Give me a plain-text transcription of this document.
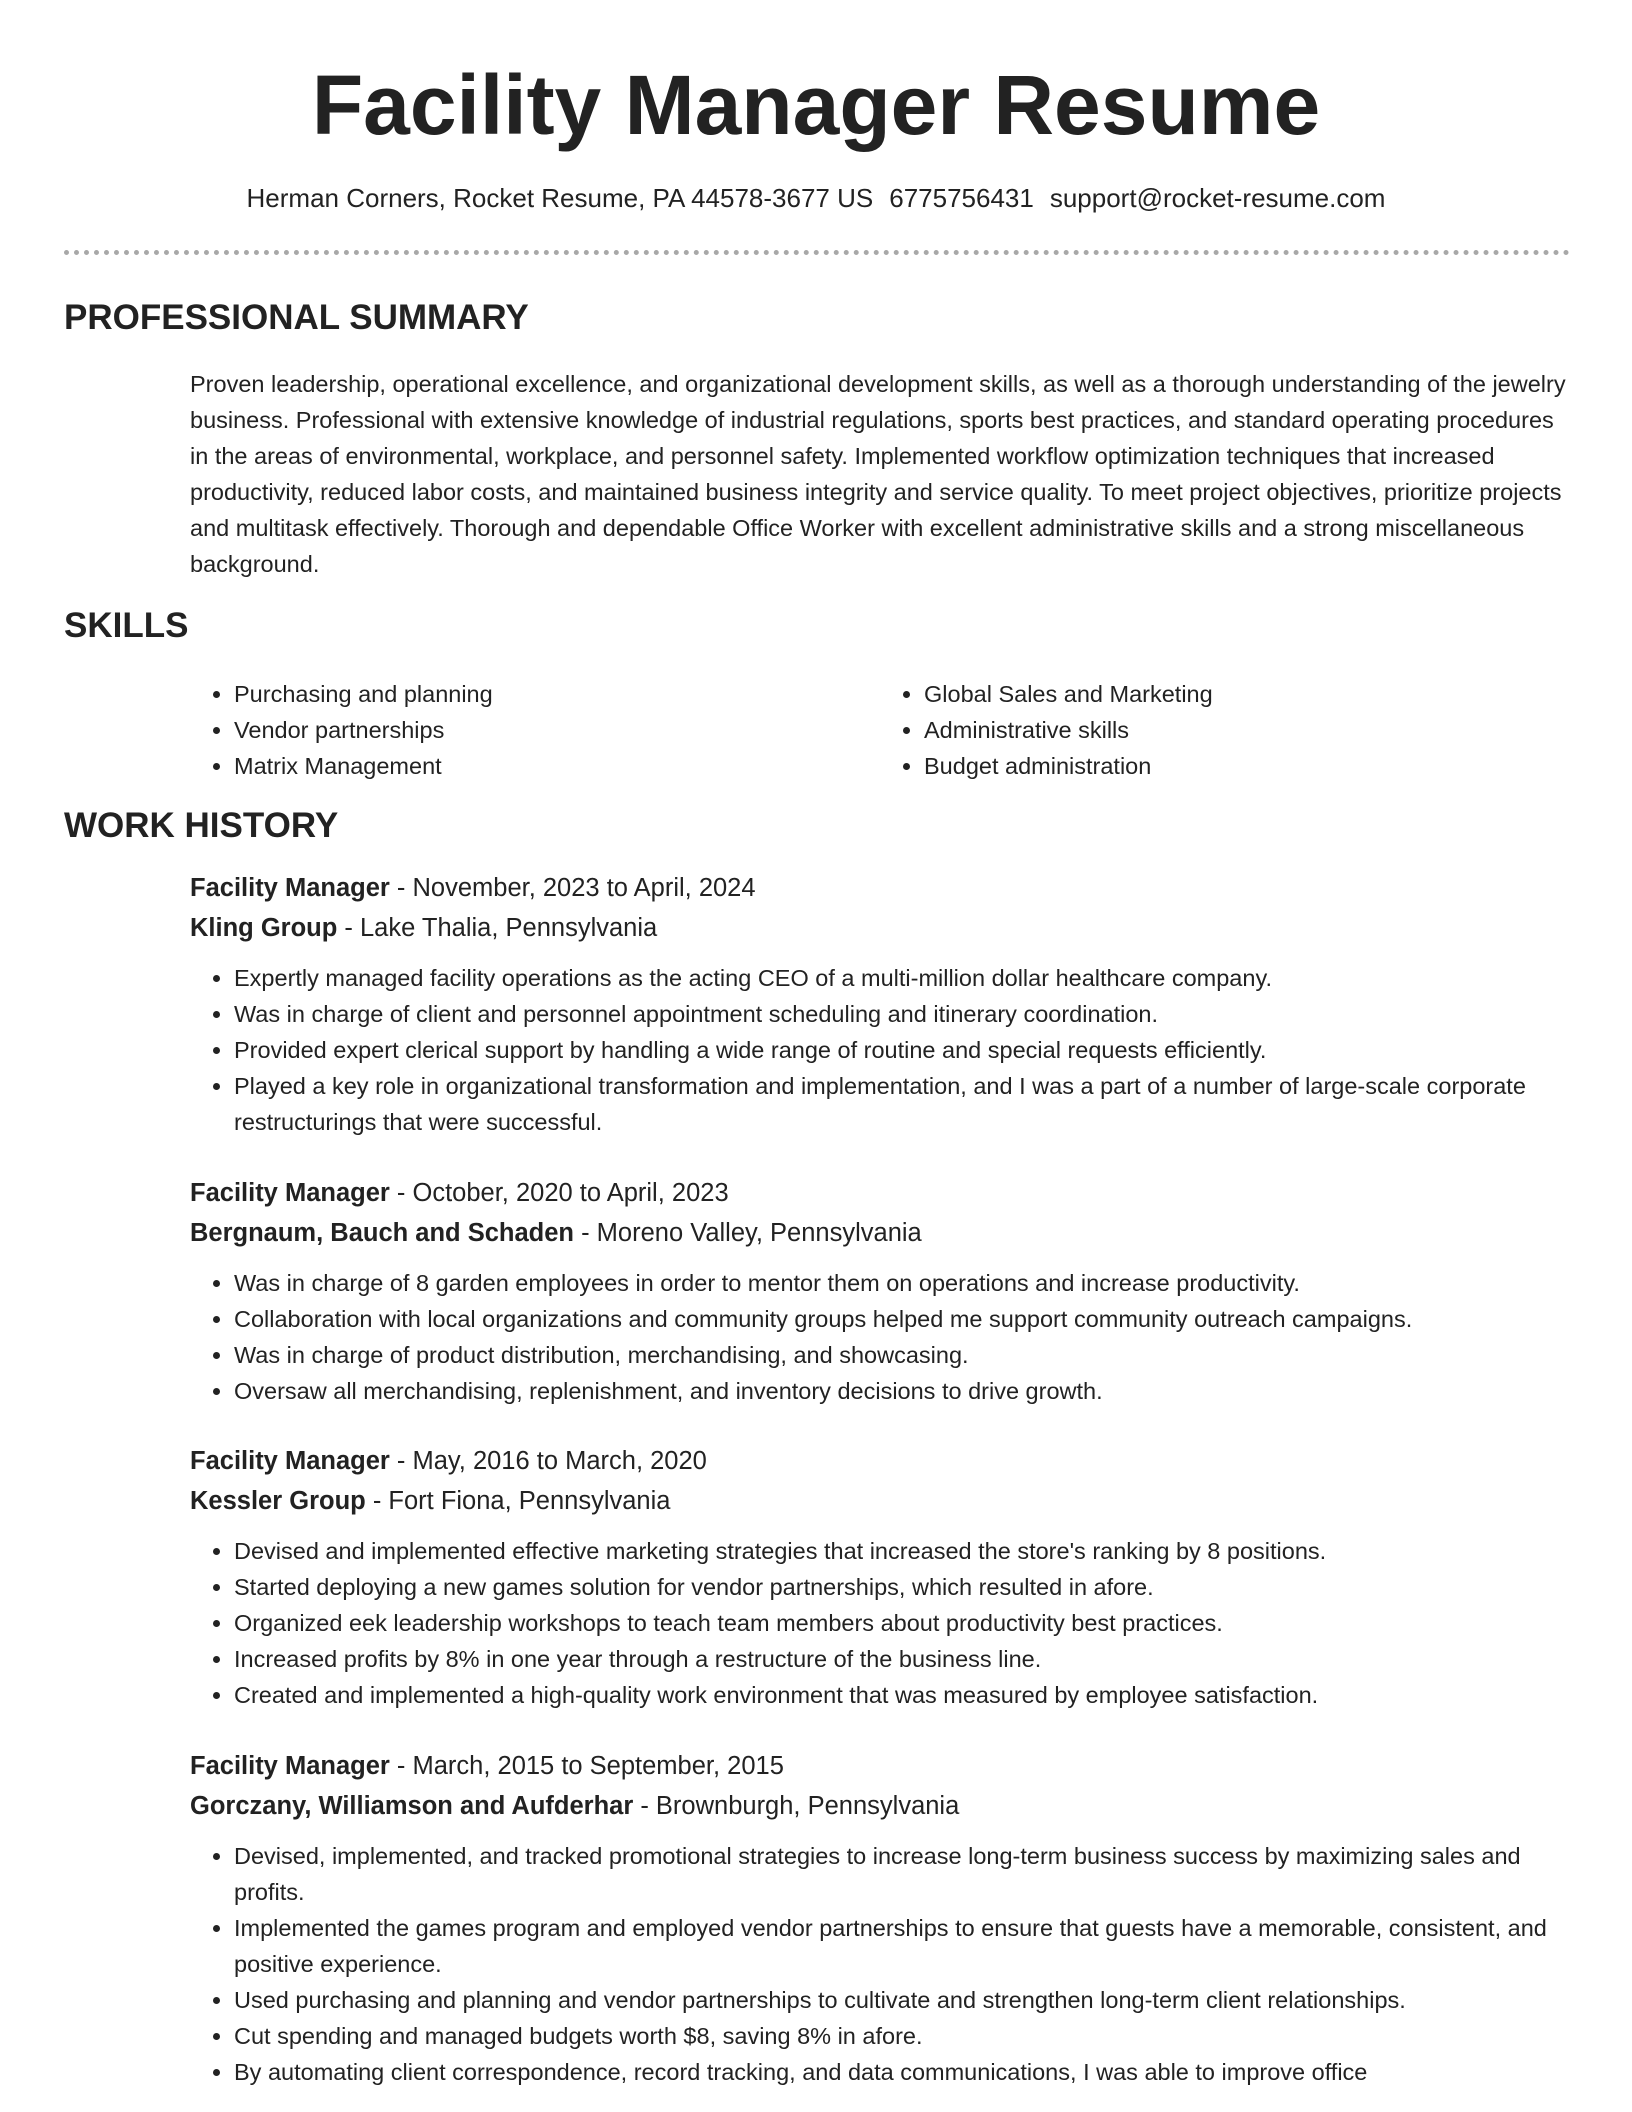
Facility Manager Resume
Herman Corners, Rocket Resume, PA 44578-3677 US 6775756431 support@rocket-resume.com
PROFESSIONAL SUMMARY

Proven leadership, operational excellence, and organizational development skills, as well as a thorough understanding of the jewelry business. Professional with extensive knowledge of industrial regulations, sports best practices, and standard operating procedures in the areas of environmental, workplace, and personnel safety. Implemented workflow optimization techniques that increased productivity, reduced labor costs, and maintained business integrity and service quality. To meet project objectives, prioritize projects and multitask effectively. Thorough and dependable Office Worker with excellent administrative skills and a strong miscellaneous background.

SKILLS
• Purchasing and planning
• Vendor partnerships
• Matrix Management
• Global Sales and Marketing
• Administrative skills
• Budget administration
WORK HISTORY

Facility Manager - November, 2023 to April, 2024

Kling Group - Lake Thalia, Pennsylvania

• Expertly managed facility operations as the acting CEO of a multi-million dollar healthcare company.
• Was in charge of client and personnel appointment scheduling and itinerary coordination.
• Provided expert clerical support by handling a wide range of routine and special requests efficiently.
• Played a key role in organizational transformation and implementation, and I was a part of a number of large-scale corporate restructurings that were successful.

Facility Manager - October, 2020 to April, 2023

Bergnaum, Bauch and Schaden - Moreno Valley, Pennsylvania

• Was in charge of 8 garden employees in order to mentor them on operations and increase productivity.
• Collaboration with local organizations and community groups helped me support community outreach campaigns.
• Was in charge of product distribution, merchandising, and showcasing.
• Oversaw all merchandising, replenishment, and inventory decisions to drive growth.

Facility Manager - May, 2016 to March, 2020

Kessler Group - Fort Fiona, Pennsylvania

• Devised and implemented effective marketing strategies that increased the store's ranking by 8 positions.
• Started deploying a new games solution for vendor partnerships, which resulted in afore.
• Organized eek leadership workshops to teach team members about productivity best practices.
• Increased profits by 8% in one year through a restructure of the business line.
• Created and implemented a high-quality work environment that was measured by employee satisfaction.

Facility Manager - March, 2015 to September, 2015

Gorczany, Williamson and Aufderhar - Brownburgh, Pennsylvania

• Devised, implemented, and tracked promotional strategies to increase long-term business success by maximizing sales and profits.
• Implemented the games program and employed vendor partnerships to ensure that guests have a memorable, consistent, and positive experience.
• Used purchasing and planning and vendor partnerships to cultivate and strengthen long-term client relationships.
• Cut spending and managed budgets worth $8, saving 8% in afore.
• By automating client correspondence, record tracking, and data communications, I was able to improve office
